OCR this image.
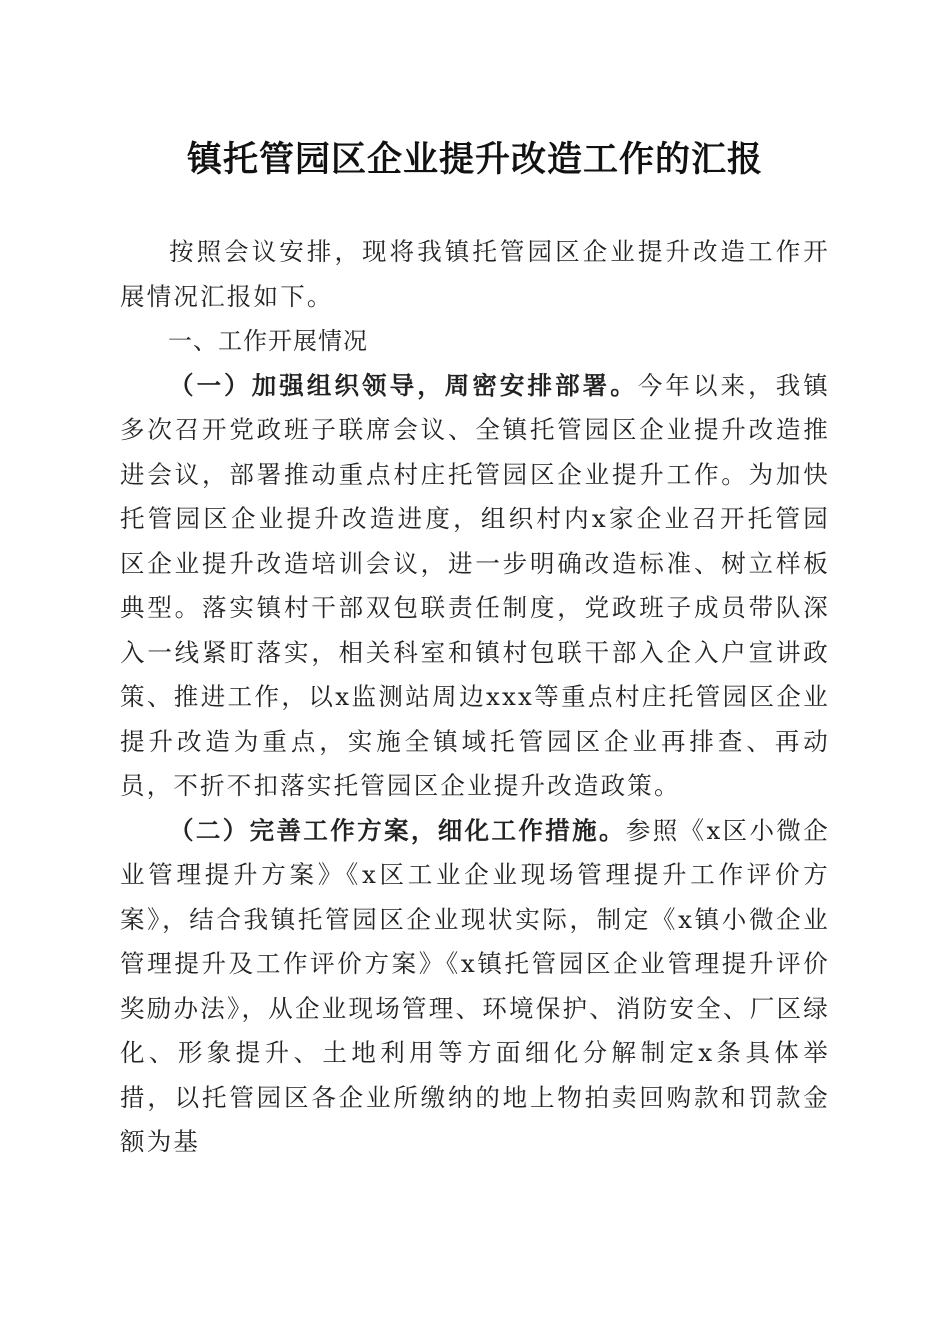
镇托管园区企业提升改造工作的汇报

按照会议安排，现将我镇托管园区企业提升改造工作开展情况汇报如下。

一、工作开展情况

（一）加强组织领导，周密安排部署。今年以来，我镇多次召开党政班子联席会议、全镇托管园区企业提升改造推进会议，部署推动重点村庄托管园区企业提升工作。为加快托管园区企业提升改造进度，组织村内x家企业召开托管园区企业提升改造培训会议，进一步明确改造标准、树立样板典型。落实镇村干部双包联责任制度，党政班子成员带队深入一线紧盯落实，相关科室和镇村包联干部入企入户宣讲政策、推进工作，以x监测站周边xxx等重点村庄托管园区企业提升改造为重点，实施全镇域托管园区企业再排查、再动员，不折不扣落实托管园区企业提升改造政策。

（二）完善工作方案，细化工作措施。参照《x区小微企业管理提升方案》《x区工业企业现场管理提升工作评价方案》，结合我镇托管园区企业现状实际，制定《x镇小微企业管理提升及工作评价方案》《x镇托管园区企业管理提升评价奖励办法》，从企业现场管理、环境保护、消防安全、厂区绿化、形象提升、土地利用等方面细化分解制定x条具体举措，以托管园区各企业所缴纳的地上物拍卖回购款和罚款金额为基
